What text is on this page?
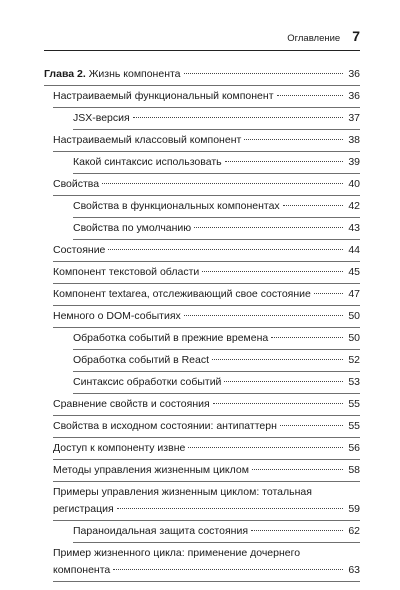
Оглавление 7
Глава 2. Жизнь компонента	36
Настраиваемый функциональный компонент	36
JSX-версия	37
Настраиваемый классовый компонент	38
Какой синтаксис использовать	39
Свойства	40
Свойства в функциональных компонентах	42
Свойства по умолчанию	43
Состояние	44
Компонент текстовой области	45
Компонент textarea, отслеживающий свое состояние	47
Немного о DOM-событиях	50
Обработка событий в прежние времена	50
Обработка событий в React	52
Синтаксис обработки событий	53
Сравнение свойств и состояния	55
Свойства в исходном состоянии: антипаттерн	55
Доступ к компоненту извне	56
Методы управления жизненным циклом	58
Примеры управления жизненным циклом: тотальная
регистрация	59
Параноидальная защита состояния	62
Пример жизненного цикла: применение дочернего
компонента	63
